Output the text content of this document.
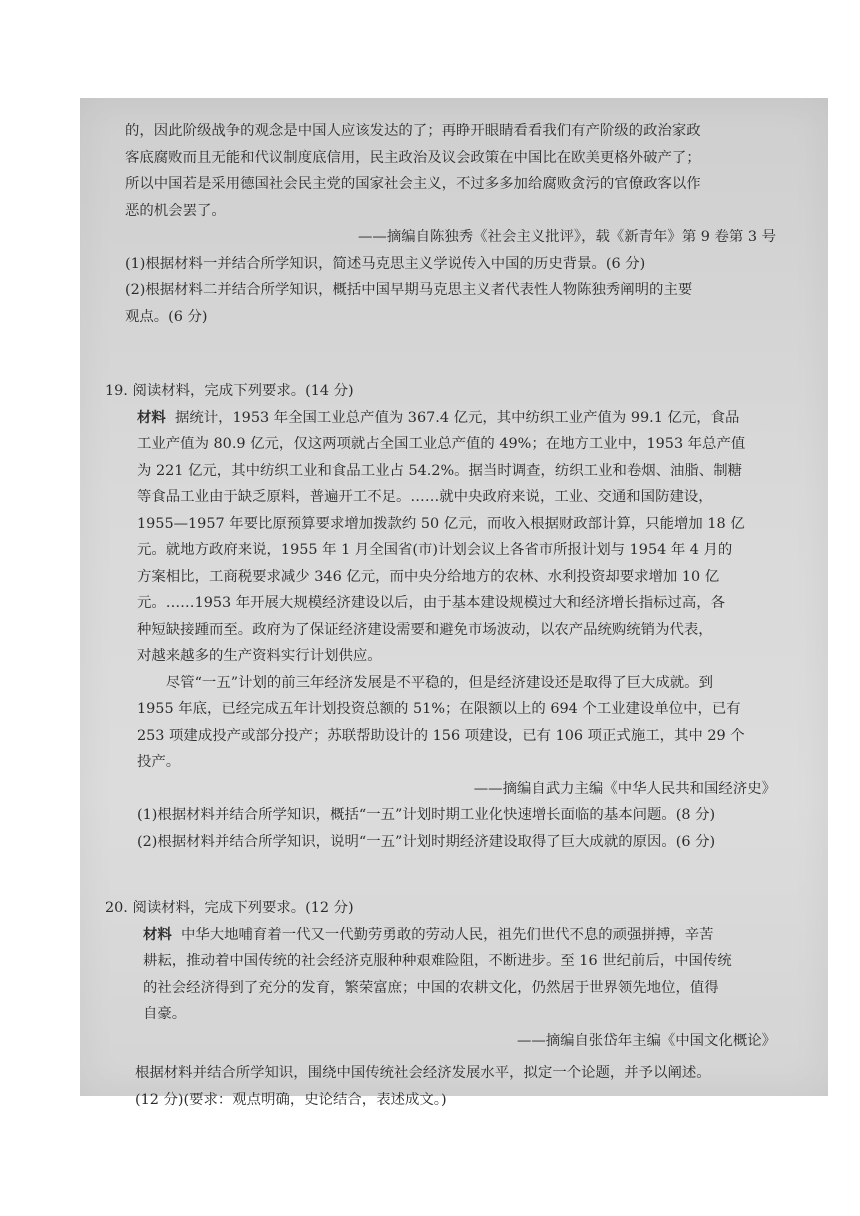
的，因此阶级战争的观念是中国人应该发达的了；再睁开眼睛看看我们有产阶级的政治家政

客底腐败而且无能和代议制度底信用，民主政治及议会政策在中国比在欧美更格外破产了；

所以中国若是采用德国社会民主党的国家社会主义，不过多多加给腐败贪污的官僚政客以作

恶的机会罢了。

——摘编自陈独秀《社会主义批评》，载《新青年》第 9 卷第 3 号

(1)根据材料一并结合所学知识，简述马克思主义学说传入中国的历史背景。(6 分)

(2)根据材料二并结合所学知识，概括中国早期马克思主义者代表性人物陈独秀阐明的主要

观点。(6 分)

19. 阅读材料，完成下列要求。(14 分)

材料 据统计，1953 年全国工业总产值为 367.4 亿元，其中纺织工业产值为 99.1 亿元，食品

工业产值为 80.9 亿元，仅这两项就占全国工业总产值的 49%；在地方工业中，1953 年总产值

为 221 亿元，其中纺织工业和食品工业占 54.2%。据当时调查，纺织工业和卷烟、油脂、制糖

等食品工业由于缺乏原料，普遍开工不足。……就中央政府来说，工业、交通和国防建设，

1955—1957 年要比原预算要求增加拨款约 50 亿元，而收入根据财政部计算，只能增加 18 亿

元。就地方政府来说，1955 年 1 月全国省(市)计划会议上各省市所报计划与 1954 年 4 月的

方案相比，工商税要求减少 346 亿元，而中央分给地方的农林、水利投资却要求增加 10 亿

元。……1953 年开展大规模经济建设以后，由于基本建设规模过大和经济增长指标过高，各

种短缺接踵而至。政府为了保证经济建设需要和避免市场波动，以农产品统购统销为代表，

对越来越多的生产资料实行计划供应。

尽管“一五”计划的前三年经济发展是不平稳的，但是经济建设还是取得了巨大成就。到

1955 年底，已经完成五年计划投资总额的 51%；在限额以上的 694 个工业建设单位中，已有

253 项建成投产或部分投产；苏联帮助设计的 156 项建设，已有 106 项正式施工，其中 29 个

投产。

——摘编自武力主编《中华人民共和国经济史》

(1)根据材料并结合所学知识，概括“一五”计划时期工业化快速增长面临的基本问题。(8 分)

(2)根据材料并结合所学知识，说明“一五”计划时期经济建设取得了巨大成就的原因。(6 分)

20. 阅读材料，完成下列要求。(12 分)

材料 中华大地哺育着一代又一代勤劳勇敢的劳动人民，祖先们世代不息的顽强拼搏，辛苦

耕耘，推动着中国传统的社会经济克服种种艰难险阻，不断进步。至 16 世纪前后，中国传统

的社会经济得到了充分的发育，繁荣富庶；中国的农耕文化，仍然居于世界领先地位，值得

自豪。

——摘编自张岱年主编《中国文化概论》

根据材料并结合所学知识，围绕中国传统社会经济发展水平，拟定一个论题，并予以阐述。

(12 分)(要求：观点明确，史论结合，表述成文。)
